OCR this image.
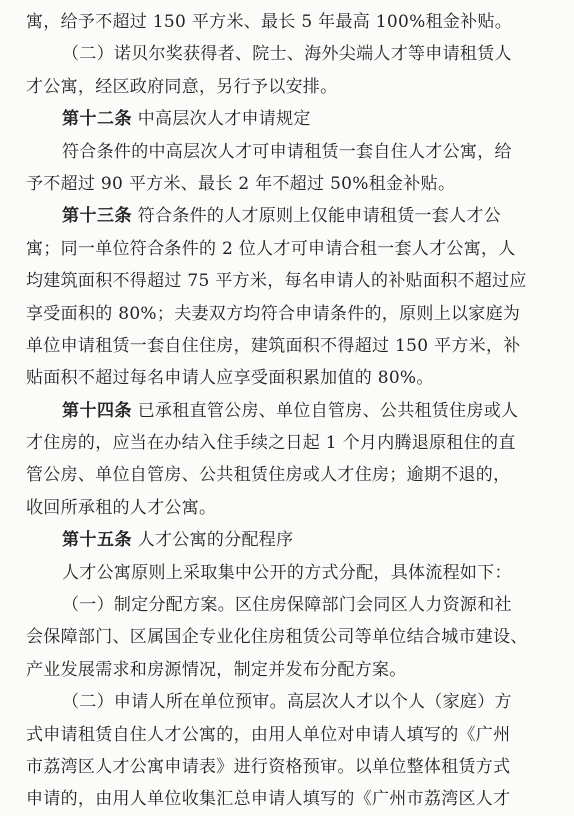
寓，给予不超过 150 平方米、最长 5 年最高 100%租金补贴。
（二）诺贝尔奖获得者、院士、海外尖端人才等申请租赁人
才公寓，经区政府同意，另行予以安排。
第十二条 中高层次人才申请规定
符合条件的中高层次人才可申请租赁一套自住人才公寓，给
予不超过 90 平方米、最长 2 年不超过 50%租金补贴。
第十三条 符合条件的人才原则上仅能申请租赁一套人才公
寓；同一单位符合条件的 2 位人才可申请合租一套人才公寓，人
均建筑面积不得超过 75 平方米，每名申请人的补贴面积不超过应
享受面积的 80%；夫妻双方均符合申请条件的，原则上以家庭为
单位申请租赁一套自住住房，建筑面积不得超过 150 平方米，补
贴面积不超过每名申请人应享受面积累加值的 80%。
第十四条 已承租直管公房、单位自管房、公共租赁住房或人
才住房的，应当在办结入住手续之日起 1 个月内腾退原租住的直
管公房、单位自管房、公共租赁住房或人才住房；逾期不退的，
收回所承租的人才公寓。
第十五条 人才公寓的分配程序
人才公寓原则上采取集中公开的方式分配，具体流程如下：
（一）制定分配方案。区住房保障部门会同区人力资源和社
会保障部门、区属国企专业化住房租赁公司等单位结合城市建设、
产业发展需求和房源情况，制定并发布分配方案。
（二）申请人所在单位预审。高层次人才以个人（家庭）方
式申请租赁自住人才公寓的，由用人单位对申请人填写的《广州
市荔湾区人才公寓申请表》进行资格预审。以单位整体租赁方式
申请的，由用人单位收集汇总申请人填写的《广州市荔湾区人才
